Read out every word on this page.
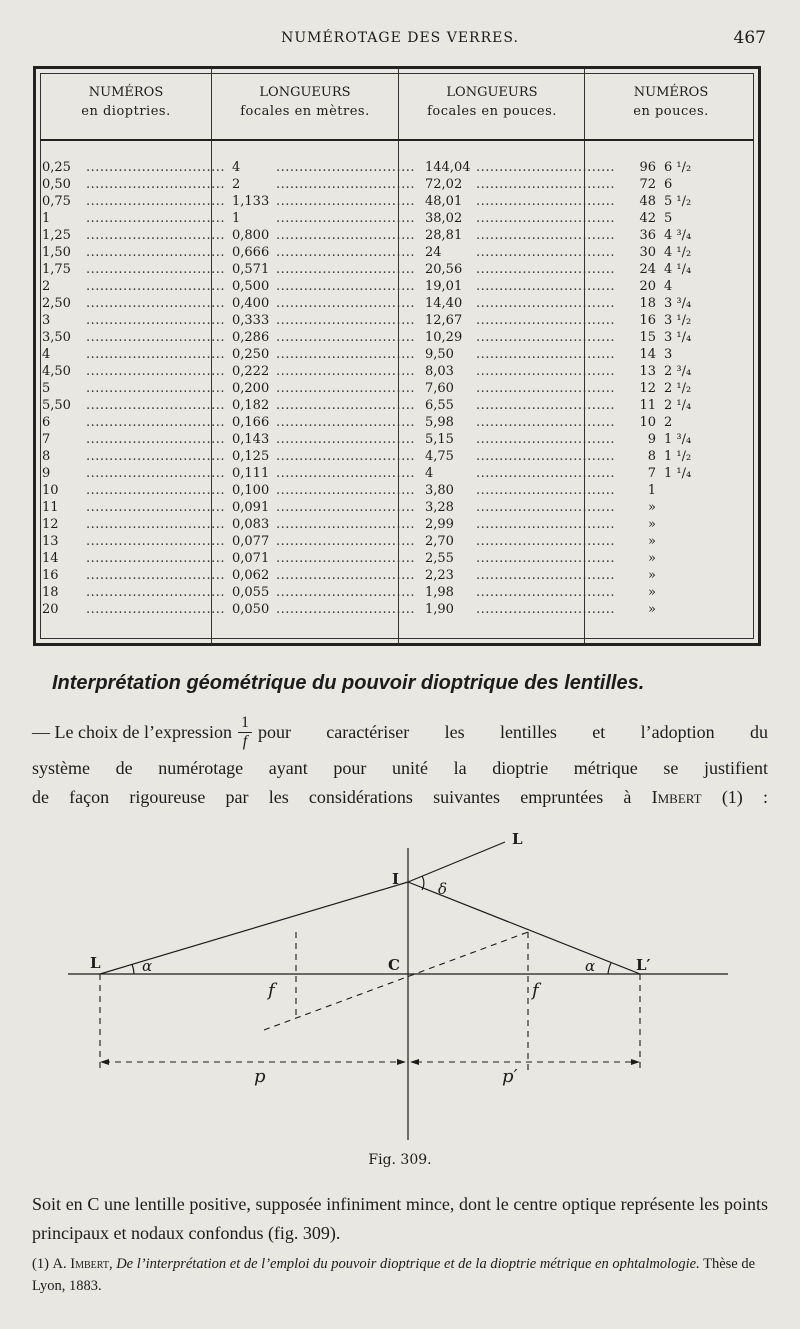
NUMÉROTAGE DES VERRES.	467
NUMÉROS
en dioptries.
LONGUEURS
focales en mètres.
LONGUEURS
focales en pouces.
NUMÉROS
en pouces.
0,25 .............................. 4	.............................. 144,04 ..............................	96 6 ¹/₂
0,50 .............................. 2	.............................. 72,02 ..............................	72 6
0,75 .............................. 1,133 .............................. 48,01 ..............................	48 5 ¹/₂
1	.............................. 1	.............................. 38,02 ..............................	42 5
1,25 .............................. 0,800 .............................. 28,81 ..............................	36 4 ³/₄
1,50 .............................. 0,666 .............................. 24	..............................	30 4 ¹/₂
1,75 .............................. 0,571 .............................. 20,56 ..............................	24 4 ¹/₄
2	.............................. 0,500 .............................. 19,01 ..............................	20 4
2,50 .............................. 0,400 .............................. 14,40 ..............................	18 3 ³/₄
3	.............................. 0,333 .............................. 12,67 ..............................	16 3 ¹/₂
3,50 .............................. 0,286 .............................. 10,29 ..............................	15 3 ¹/₄
4	.............................. 0,250 .............................. 9,50 ..............................	14 3
4,50 .............................. 0,222 .............................. 8,03 ..............................	13 2 ³/₄
5	.............................. 0,200 .............................. 7,60 ..............................	12 2 ¹/₂
5,50 .............................. 0,182 .............................. 6,55 ..............................	11 2 ¹/₄
6	.............................. 0,166 .............................. 5,98 ..............................	10 2
7	.............................. 0,143 .............................. 5,15 ..............................	9 1 ³/₄
8	.............................. 0,125 .............................. 4,75 ..............................	8 1 ¹/₂
9	.............................. 0,111 .............................. 4	..............................	7 1 ¹/₄
10 .............................. 0,100 .............................. 3,80 ..............................	1
11 .............................. 0,091 .............................. 3,28 ..............................	»
12 .............................. 0,083 .............................. 2,99 ..............................	»
13 .............................. 0,077 .............................. 2,70 ..............................	»
14 .............................. 0,071 .............................. 2,55 ..............................	»
16 .............................. 0,062 .............................. 2,23 ..............................	»
18 .............................. 0,055 .............................. 1,98 ..............................	»
20 .............................. 0,050 .............................. 1,90 ..............................	»
Interprétation géométrique du pouvoir dioptrique des lentilles.
— Le choix de l’expression $\frac{1}{f}$ pour caractériser les lentilles et l’adoption du
système de numérotage ayant pour unité la dioptrie métrique se justifient
de façon rigoureuse par les considérations suivantes empruntées à Imbert (1) :
L
I
δ
L	α	C	α	L′
f	f
p	p′
Fig. 309.
Soit en C une lentille positive, supposée infiniment mince, dont le centre optique représente les points principaux et nodaux confondus (fig. 309).
(1) A. Imbert, De l’interprétation et de l’emploi du pouvoir dioptrique et de la dioptrie métrique en ophtalmologie. Thèse de Lyon, 1883.
